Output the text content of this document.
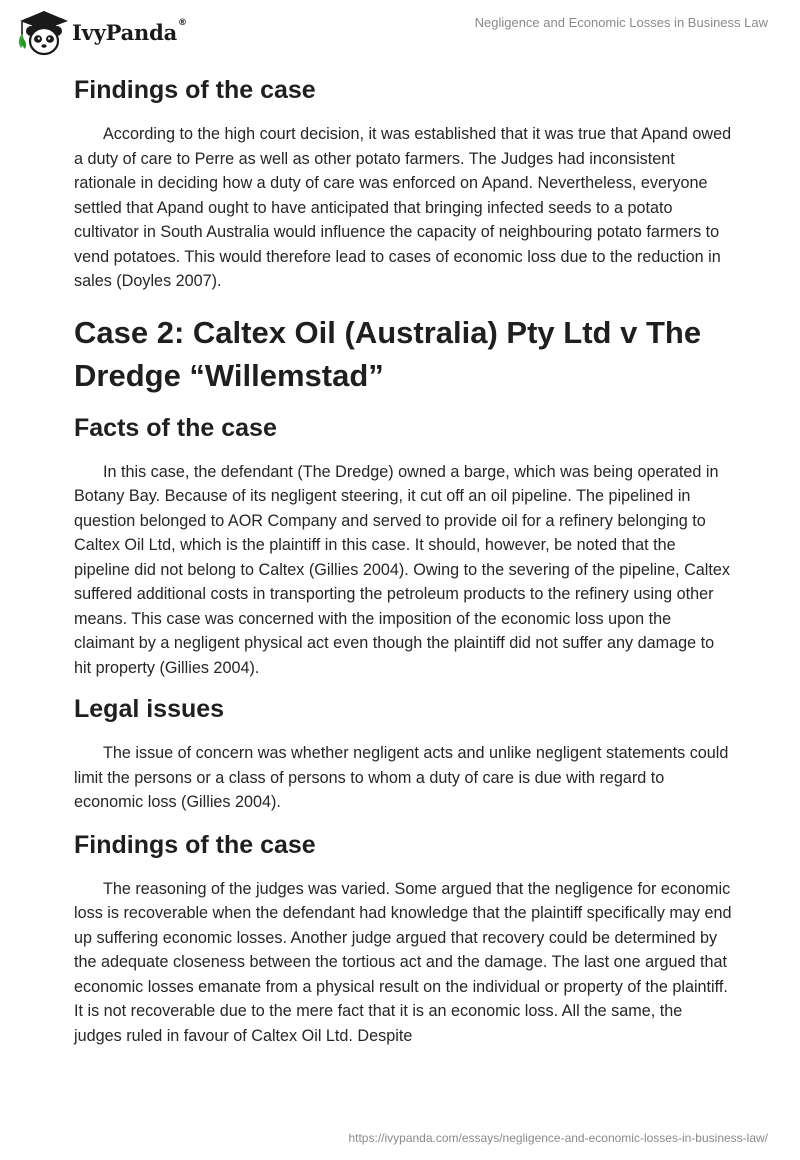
IvyPanda®	Negligence and Economic Losses in Business Law
Findings of the case

According to the high court decision, it was established that it was true that Apand owed a duty of care to Perre as well as other potato farmers. The Judges had inconsistent rationale in deciding how a duty of care was enforced on Apand. Nevertheless, everyone settled that Apand ought to have anticipated that bringing infected seeds to a potato cultivator in South Australia would influence the capacity of neighbouring potato farmers to vend potatoes. This would therefore lead to cases of economic loss due to the reduction in sales (Doyles 2007).

Case 2: Caltex Oil (Australia) Pty Ltd v The Dredge “Willemstad”
Facts of the case

In this case, the defendant (The Dredge) owned a barge, which was being operated in Botany Bay. Because of its negligent steering, it cut off an oil pipeline. The pipelined in question belonged to AOR Company and served to provide oil for a refinery belonging to Caltex Oil Ltd, which is the plaintiff in this case. It should, however, be noted that the pipeline did not belong to Caltex (Gillies 2004). Owing to the severing of the pipeline, Caltex suffered additional costs in transporting the petroleum products to the refinery using other means. This case was concerned with the imposition of the economic loss upon the claimant by a negligent physical act even though the plaintiff did not suffer any damage to hit property (Gillies 2004).

Legal issues

The issue of concern was whether negligent acts and unlike negligent statements could limit the persons or a class of persons to whom a duty of care is due with regard to economic loss (Gillies 2004).

Findings of the case

The reasoning of the judges was varied. Some argued that the negligence for economic loss is recoverable when the defendant had knowledge that the plaintiff specifically may end up suffering economic losses. Another judge argued that recovery could be determined by the adequate closeness between the tortious act and the damage. The last one argued that economic losses emanate from a physical result on the individual or property of the plaintiff. It is not recoverable due to the mere fact that it is an economic loss. All the same, the judges ruled in favour of Caltex Oil Ltd. Despite

https://ivypanda.com/essays/negligence-and-economic-losses-in-business-law/
